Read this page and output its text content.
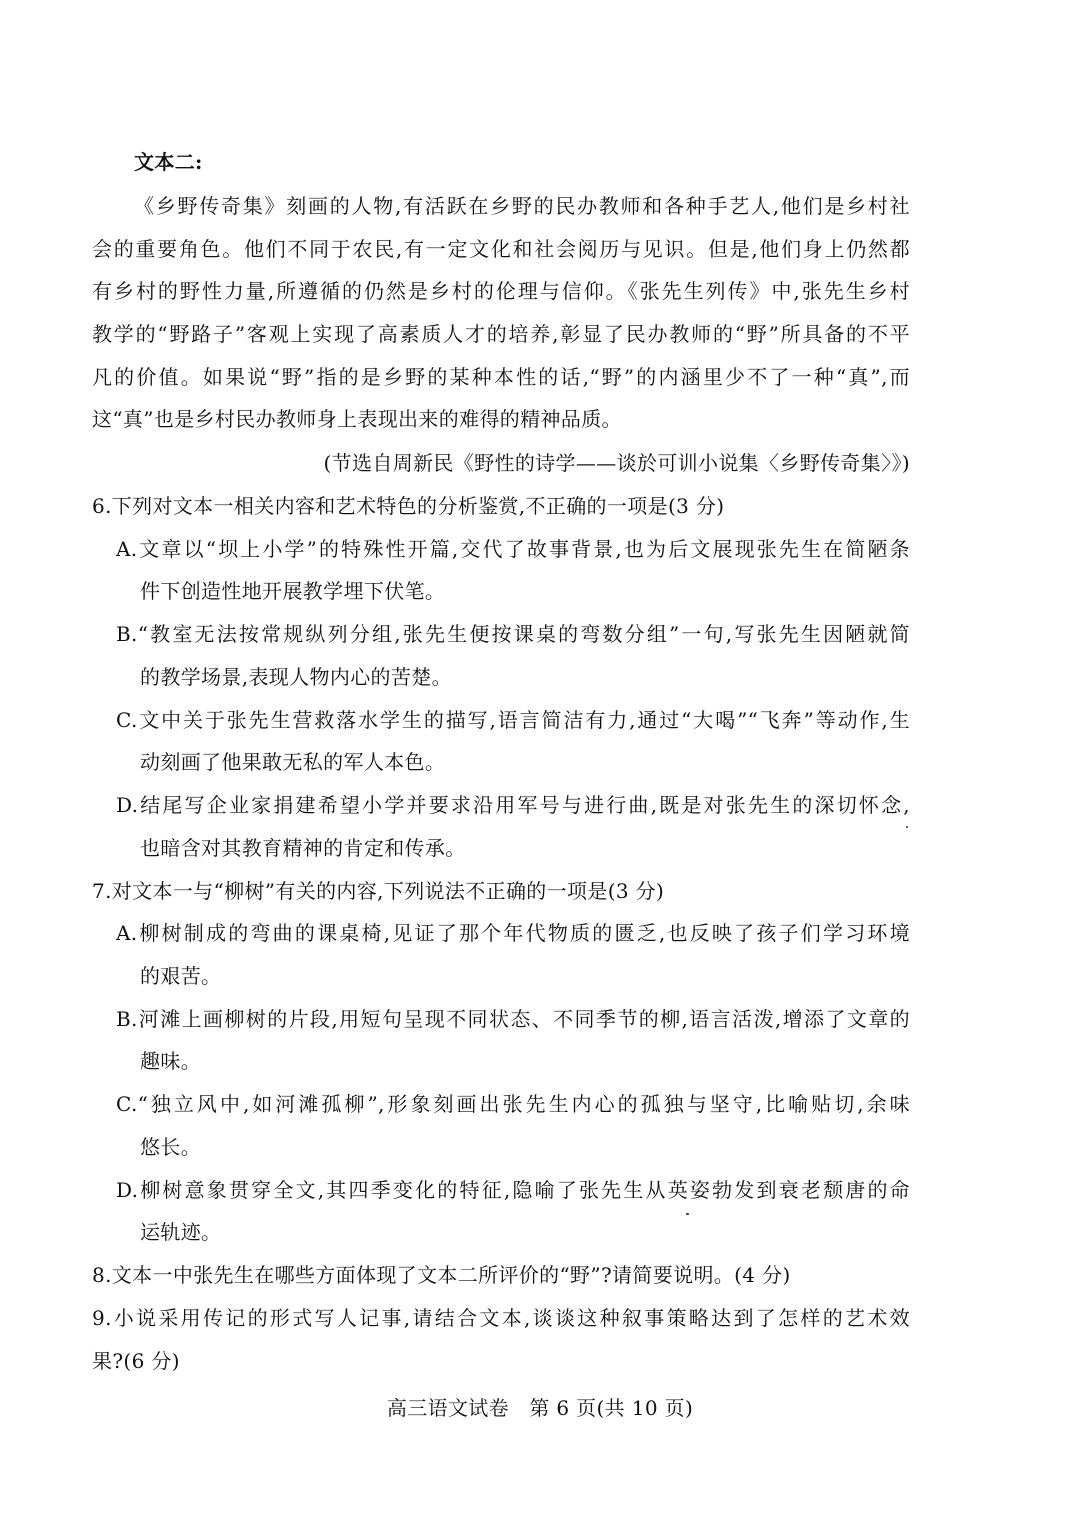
文本二:
《乡野传奇集》刻画的人物,有活跃在乡野的民办教师和各种手艺人,他们是乡村社
会的重要角色。他们不同于农民,有一定文化和社会阅历与见识。但是,他们身上仍然都
有乡村的野性力量,所遵循的仍然是乡村的伦理与信仰。《张先生列传》中,张先生乡村
教学的“野路子”客观上实现了高素质人才的培养,彰显了民办教师的“野”所具备的不平
凡的价值。如果说“野”指的是乡野的某种本性的话,“野”的内涵里少不了一种“真”,而
这“真”也是乡村民办教师身上表现出来的难得的精神品质。
(节选自周新民《野性的诗学——谈於可训小说集〈乡野传奇集〉》)
6.下列对文本一相关内容和艺术特色的分析鉴赏,不正确的一项是(3 分)
A.文章以“坝上小学”的特殊性开篇,交代了故事背景,也为后文展现张先生在简陋条
件下创造性地开展教学埋下伏笔。
B.“教室无法按常规纵列分组,张先生便按课桌的弯数分组”一句,写张先生因陋就简
的教学场景,表现人物内心的苦楚。
C.文中关于张先生营救落水学生的描写,语言简洁有力,通过“大喝”“飞奔”等动作,生
动刻画了他果敢无私的军人本色。
D.结尾写企业家捐建希望小学并要求沿用军号与进行曲,既是对张先生的深切怀念,
也暗含对其教育精神的肯定和传承。
7.对文本一与“柳树”有关的内容,下列说法不正确的一项是(3 分)
A.柳树制成的弯曲的课桌椅,见证了那个年代物质的匮乏,也反映了孩子们学习环境
的艰苦。
B.河滩上画柳树的片段,用短句呈现不同状态、不同季节的柳,语言活泼,增添了文章的
趣味。
C.“独立风中,如河滩孤柳”,形象刻画出张先生内心的孤独与坚守,比喻贴切,余味
悠长。
D.柳树意象贯穿全文,其四季变化的特征,隐喻了张先生从英姿勃发到衰老颓唐的命
运轨迹。
8.文本一中张先生在哪些方面体现了文本二所评价的“野”?请简要说明。(4 分)
9.小说采用传记的形式写人记事,请结合文本,谈谈这种叙事策略达到了怎样的艺术效
果?(6 分)
高三语文试卷　第 6 页(共 10 页)
